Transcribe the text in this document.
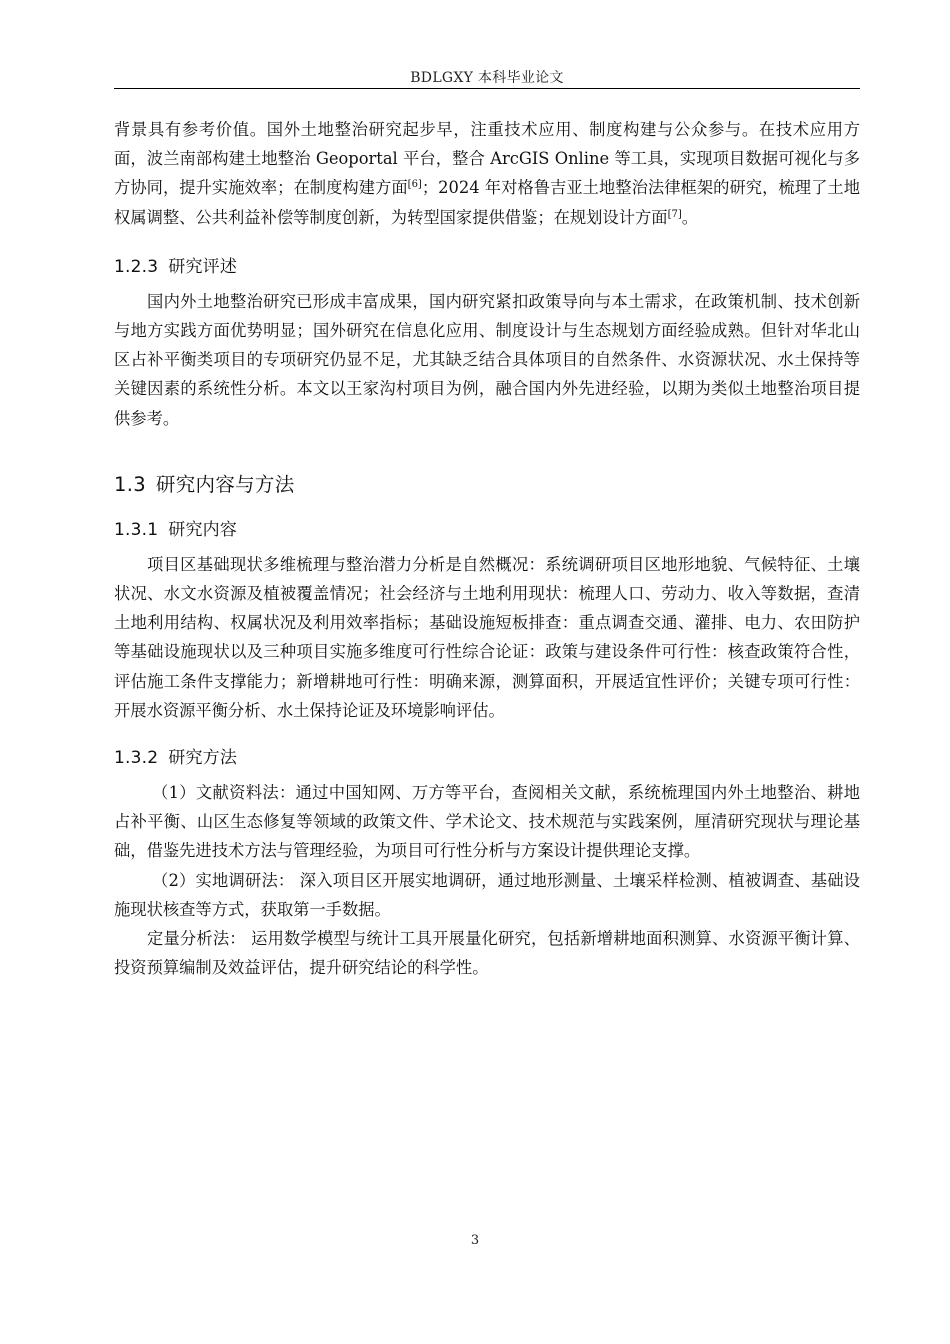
BDLGXY 本科毕业论文

背景具有参考价值。国外土地整治研究起步早，注重技术应用、制度构建与公众参与。在技术应用方面，波兰南部构建土地整治 Geoportal 平台，整合 ArcGIS Online 等工具，实现项目数据可视化与多方协同，提升实施效率；在制度构建方面[6]；2024 年对格鲁吉亚土地整治法律框架的研究，梳理了土地权属调整、公共利益补偿等制度创新，为转型国家提供借鉴；在规划设计方面[7]。

1.2.3 研究评述

国内外土地整治研究已形成丰富成果，国内研究紧扣政策导向与本土需求，在政策机制、技术创新与地方实践方面优势明显；国外研究在信息化应用、制度设计与生态规划方面经验成熟。但针对华北山区占补平衡类项目的专项研究仍显不足，尤其缺乏结合具体项目的自然条件、水资源状况、水土保持等关键因素的系统性分析。本文以王家沟村项目为例，融合国内外先进经验，以期为类似土地整治项目提供参考。

1.3 研究内容与方法
1.3.1 研究内容

项目区基础现状多维梳理与整治潜力分析是自然概况：系统调研项目区地形地貌、气候特征、土壤状况、水文水资源及植被覆盖情况；社会经济与土地利用现状：梳理人口、劳动力、收入等数据，查清土地利用结构、权属状况及利用效率指标；基础设施短板排查：重点调查交通、灌排、电力、农田防护等基础设施现状以及三种项目实施多维度可行性综合论证：政策与建设条件可行性：核查政策符合性，评估施工条件支撑能力；新增耕地可行性：明确来源，测算面积，开展适宜性评价；关键专项可行性：开展水资源平衡分析、水土保持论证及环境影响评估。

1.3.2 研究方法

（1）文献资料法：通过中国知网、万方等平台，查阅相关文献，系统梳理国内外土地整治、耕地占补平衡、山区生态修复等领域的政策文件、学术论文、技术规范与实践案例，厘清研究现状与理论基础，借鉴先进技术方法与管理经验，为项目可行性分析与方案设计提供理论支撑。

（2）实地调研法： 深入项目区开展实地调研，通过地形测量、土壤采样检测、植被调查、基础设施现状核查等方式，获取第一手数据。

定量分析法： 运用数学模型与统计工具开展量化研究，包括新增耕地面积测算、水资源平衡计算、投资预算编制及效益评估，提升研究结论的科学性。

3
